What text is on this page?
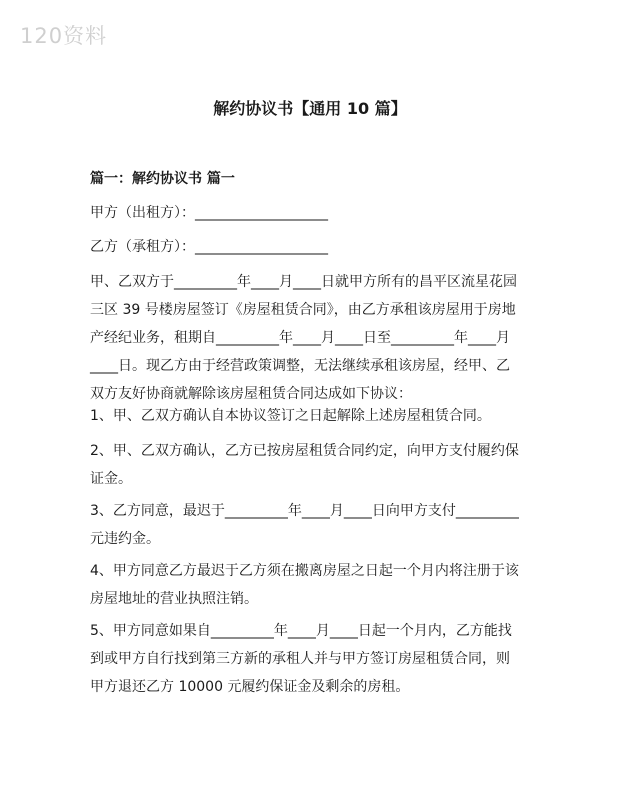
120资料
解约协议书【通用 10 篇】
篇一：解约协议书 篇一
甲方（出租方）：___________________
乙方（承租方）：___________________
甲、乙双方于_________年____月____日就甲方所有的昌平区流星花园
三区 39 号楼房屋签订《房屋租赁合同》，由乙方承租该房屋用于房地
产经纪业务，租期自_________年____月____日至_________年____月
____日。现乙方由于经营政策调整，无法继续承租该房屋，经甲、乙
双方友好协商就解除该房屋租赁合同达成如下协议：
1、甲、乙双方确认自本协议签订之日起解除上述房屋租赁合同。
2、甲、乙双方确认，乙方已按房屋租赁合同约定，向甲方支付履约保
证金。
3、乙方同意，最迟于_________年____月____日向甲方支付_________
元违约金。
4、甲方同意乙方最迟于乙方须在搬离房屋之日起一个月内将注册于该
房屋地址的营业执照注销。
5、甲方同意如果自_________年____月____日起一个月内，乙方能找
到或甲方自行找到第三方新的承租人并与甲方签订房屋租赁合同，则
甲方退还乙方 10000 元履约保证金及剩余的房租。
